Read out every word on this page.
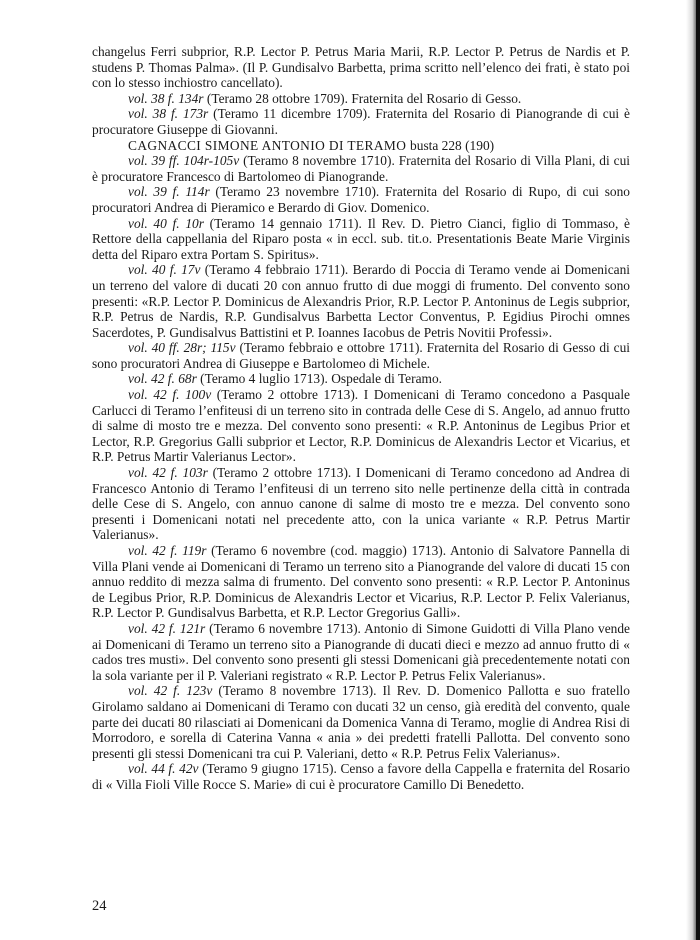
changelus Ferri subprior, R.P. Lector P. Petrus Maria Marii, R.P. Lector P. Petrus de Nardis et P. studens P. Thomas Palma». (Il P. Gundisalvo Barbetta, prima scritto nell’elenco dei frati, è stato poi con lo stesso inchiostro cancellato).

vol. 38 f. 134r (Teramo 28 ottobre 1709). Fraternita del Rosario di Gesso.

vol. 38 f. 173r (Teramo 11 dicembre 1709). Fraternita del Rosario di Pianogrande di cui è procuratore Giuseppe di Giovanni.

CAGNACCI SIMONE ANTONIO DI TERAMO busta 228 (190)

vol. 39 ff. 104r-105v (Teramo 8 novembre 1710). Fraternita del Rosario di Villa Plani, di cui è procuratore Francesco di Bartolomeo di Pianogrande.

vol. 39 f. 114r (Teramo 23 novembre 1710). Fraternita del Rosario di Rupo, di cui sono procuratori Andrea di Pieramico e Berardo di Giov. Domenico.

vol. 40 f. 10r (Teramo 14 gennaio 1711). Il Rev. D. Pietro Cianci, figlio di Tommaso, è Rettore della cappellania del Riparo posta « in eccl. sub. tit.o. Presentationis Beate Marie Virginis detta del Riparo extra Portam S. Spiritus».

vol. 40 f. 17v (Teramo 4 febbraio 1711). Berardo di Poccia di Teramo vende ai Domenicani un terreno del valore di ducati 20 con annuo frutto di due moggi di frumento. Del convento sono presenti: «R.P. Lector P. Dominicus de Alexandris Prior, R.P. Lector P. Antoninus de Legis subprior, R.P. Petrus de Nardis, R.P. Gundisalvus Barbetta Lector Conventus, P. Egidius Pirochi omnes Sacerdotes, P. Gundisalvus Battistini et P. Ioannes Iacobus de Petris Novitii Professi».

vol. 40 ff. 28r; 115v (Teramo febbraio e ottobre 1711). Fraternita del Rosario di Gesso di cui sono procuratori Andrea di Giuseppe e Bartolomeo di Michele.

vol. 42 f. 68r (Teramo 4 luglio 1713). Ospedale di Teramo.

vol. 42 f. 100v (Teramo 2 ottobre 1713). I Domenicani di Teramo concedono a Pasquale Carlucci di Teramo l’enfiteusi di un terreno sito in contrada delle Cese di S. Angelo, ad annuo frutto di salme di mosto tre e mezza. Del convento sono presenti: « R.P. Antoninus de Legibus Prior et Lector, R.P. Gregorius Galli subprior et Lector, R.P. Dominicus de Alexandris Lector et Vicarius, et R.P. Petrus Martir Valerianus Lector».

vol. 42 f. 103r (Teramo 2 ottobre 1713). I Domenicani di Teramo concedono ad Andrea di Francesco Antonio di Teramo l’enfiteusi di un terreno sito nelle pertinenze della città in contrada delle Cese di S. Angelo, con annuo canone di salme di mosto tre e mezza. Del convento sono presenti i Domenicani notati nel precedente atto, con la unica variante « R.P. Petrus Martir Valerianus».

vol. 42 f. 119r (Teramo 6 novembre (cod. maggio) 1713). Antonio di Salvatore Pannella di Villa Plani vende ai Domenicani di Teramo un terreno sito a Pianogrande del valore di ducati 15 con annuo reddito di mezza salma di frumento. Del convento sono presenti: « R.P. Lector P. Antoninus de Legibus Prior, R.P. Dominicus de Alexandris Lector et Vicarius, R.P. Lector P. Felix Valerianus, R.P. Lector P. Gundisalvus Barbetta, et R.P. Lector Gregorius Galli».

vol. 42 f. 121r (Teramo 6 novembre 1713). Antonio di Simone Guidotti di Villa Plano vende ai Domenicani di Teramo un terreno sito a Pianogrande di ducati dieci e mezzo ad annuo frutto di « cados tres musti». Del convento sono presenti gli stessi Domenicani già precedentemente notati con la sola variante per il P. Valeriani registrato « R.P. Lector P. Petrus Felix Valerianus».

vol. 42 f. 123v (Teramo 8 novembre 1713). Il Rev. D. Domenico Pallotta e suo fratello Girolamo saldano ai Domenicani di Teramo con ducati 32 un censo, già eredità del convento, quale parte dei ducati 80 rilasciati ai Domenicani da Domenica Vanna di Teramo, moglie di Andrea Risi di Morrodoro, e sorella di Caterina Vanna « ania » dei predetti fratelli Pallotta. Del convento sono presenti gli stessi Domenicani tra cui P. Valeriani, detto « R.P. Petrus Felix Valerianus».

vol. 44 f. 42v (Teramo 9 giugno 1715). Censo a favore della Cappella e fraternita del Rosario di « Villa Fioli Ville Rocce S. Marie» di cui è procuratore Camillo Di Benedetto.

24
